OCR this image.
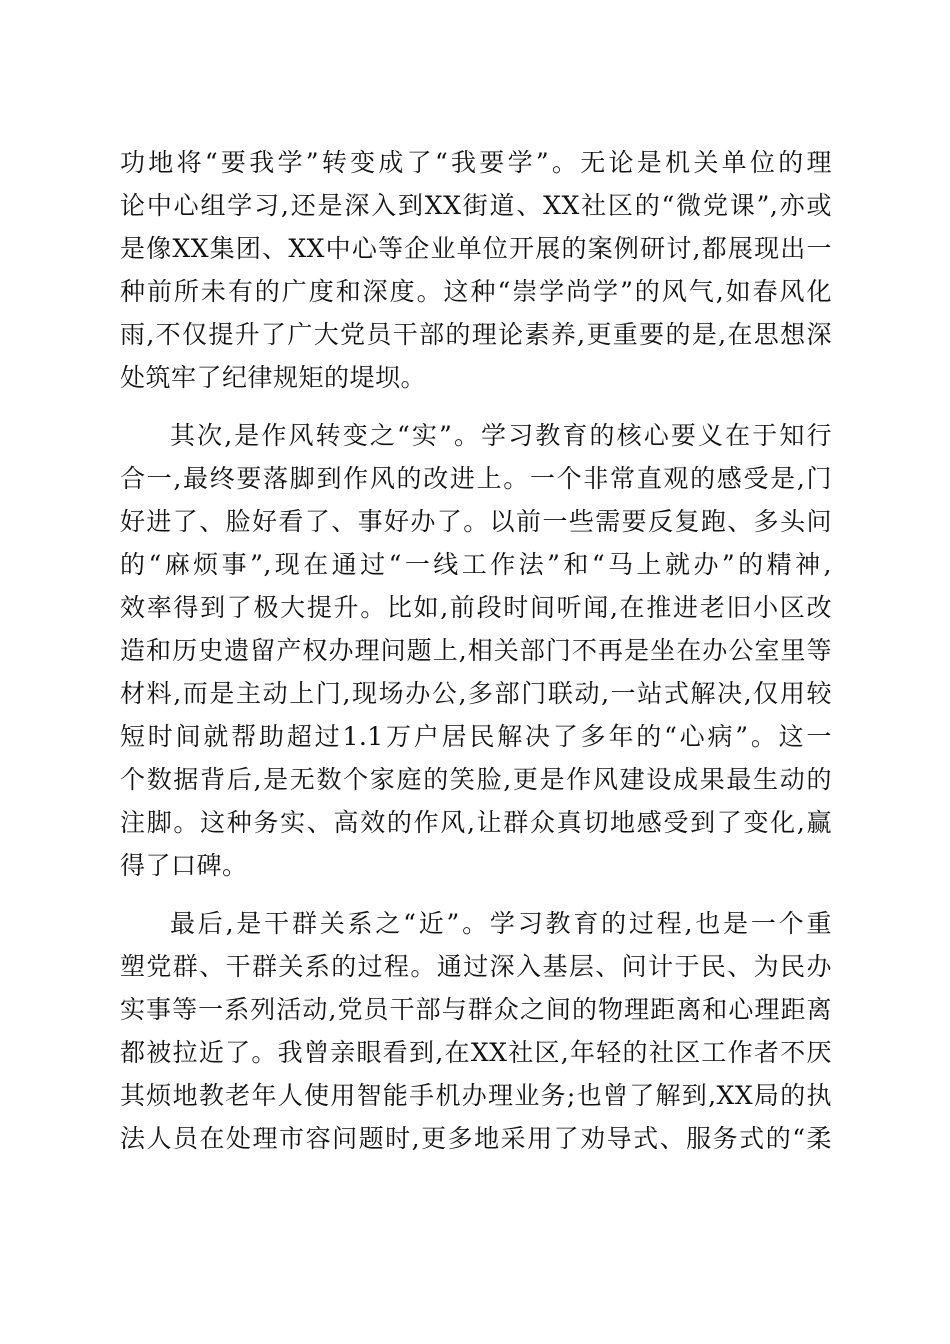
功地将“要我学”转变成了“我要学”。无论是机关单位的理
论中心组学习,还是深入到XX街道、XX社区的“微党课”,亦或
是像XX集团、XX中心等企业单位开展的案例研讨,都展现出一
种前所未有的广度和深度。这种“崇学尚学”的风气,如春风化
雨,不仅提升了广大党员干部的理论素养,更重要的是,在思想深
处筑牢了纪律规矩的堤坝。
其次,是作风转变之“实”。学习教育的核心要义在于知行
合一,最终要落脚到作风的改进上。一个非常直观的感受是,门
好进了、脸好看了、事好办了。以前一些需要反复跑、多头问
的“麻烦事”,现在通过“一线工作法”和“马上就办”的精神,
效率得到了极大提升。比如,前段时间听闻,在推进老旧小区改
造和历史遗留产权办理问题上,相关部门不再是坐在办公室里等
材料,而是主动上门,现场办公,多部门联动,一站式解决,仅用较
短时间就帮助超过1.1万户居民解决了多年的“心病”。这一
个数据背后,是无数个家庭的笑脸,更是作风建设成果最生动的
注脚。这种务实、高效的作风,让群众真切地感受到了变化,赢
得了口碑。
最后,是干群关系之“近”。学习教育的过程,也是一个重
塑党群、干群关系的过程。通过深入基层、问计于民、为民办
实事等一系列活动,党员干部与群众之间的物理距离和心理距离
都被拉近了。我曾亲眼看到,在XX社区,年轻的社区工作者不厌
其烦地教老年人使用智能手机办理业务;也曾了解到,XX局的执
法人员在处理市容问题时,更多地采用了劝导式、服务式的“柔
